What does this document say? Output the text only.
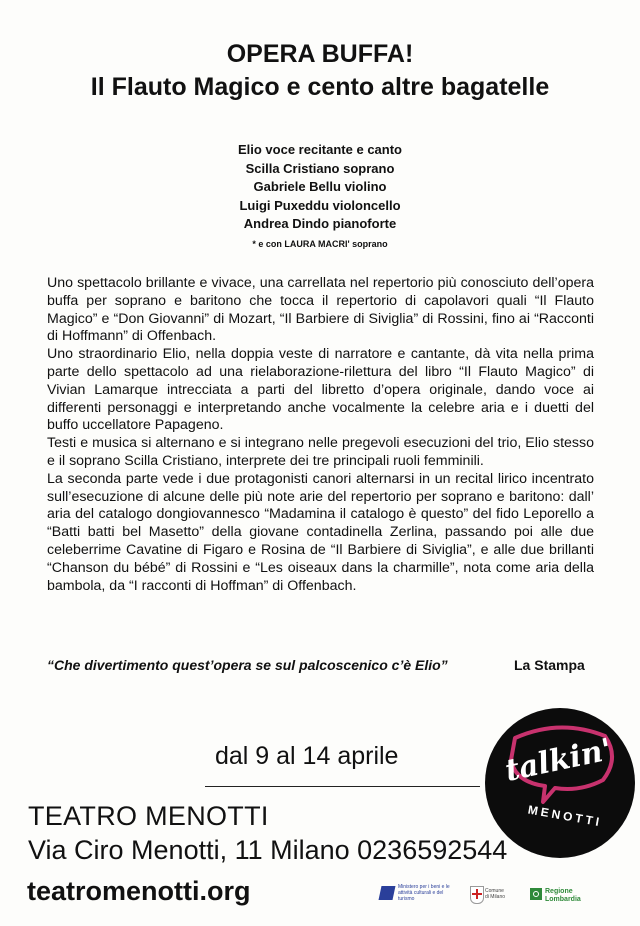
OPERA BUFFA!
Il Flauto Magico e cento altre bagatelle
Elio voce recitante e canto
Scilla Cristiano soprano
Gabriele Bellu violino
Luigi Puxeddu violoncello
Andrea Dindo pianoforte
* e con LAURA MACRI' soprano

Uno spettacolo brillante e vivace, una carrellata nel repertorio più conosciuto dell’opera buffa per soprano e baritono che tocca il repertorio di capolavori quali “Il Flauto Magico” e “Don Giovanni” di Mozart, “Il Barbiere di Siviglia” di Rossini, fino ai “Racconti di Hoffmann” di Offenbach.

Uno straordinario Elio, nella doppia veste di narratore e cantante, dà vita nella prima parte dello spettacolo ad una rielaborazione-rilettura del libro “Il Flauto Magico” di Vivian Lamarque intrecciata a parti del libretto d’opera originale, dando voce ai differenti personaggi e interpretando anche vocalmente la celebre aria e i duetti del buffo uccellatore Papageno.

Testi e musica si alternano e si integrano nelle pregevoli esecuzioni del trio, Elio stesso e il soprano Scilla Cristiano, interprete dei tre principali ruoli femminili.

La seconda parte vede i due protagonisti canori alternarsi in un recital lirico incentrato sull’esecuzione di alcune delle più note arie del repertorio per soprano e baritono: dall’ aria del catalogo dongiovannesco “Madamina il catalogo è questo” del fido Leporello a “Batti batti bel Masetto” della giovane contadinella Zerlina, passando poi alle due celeberrime Cavatine di Figaro e Rosina de “Il Barbiere di Siviglia”, e alle due brillanti “Chanson du bébé” di Rossini e “Les oiseaux dans la charmille”, nota come aria della bambola, da “I racconti di Hoffman” di Offenbach.

“Che divertimento quest’opera se sul palcoscenico c’è Elio”	La Stampa
dal 9 al 14 aprile
TEATRO MENOTTI
Via Ciro Menotti, 11 Milano 0236592544
teatromenotti.org
talkin'
MENOTTI
Ministero per i beni e le attività culturali e del turismo
Comune di Milano
Regione Lombardia
